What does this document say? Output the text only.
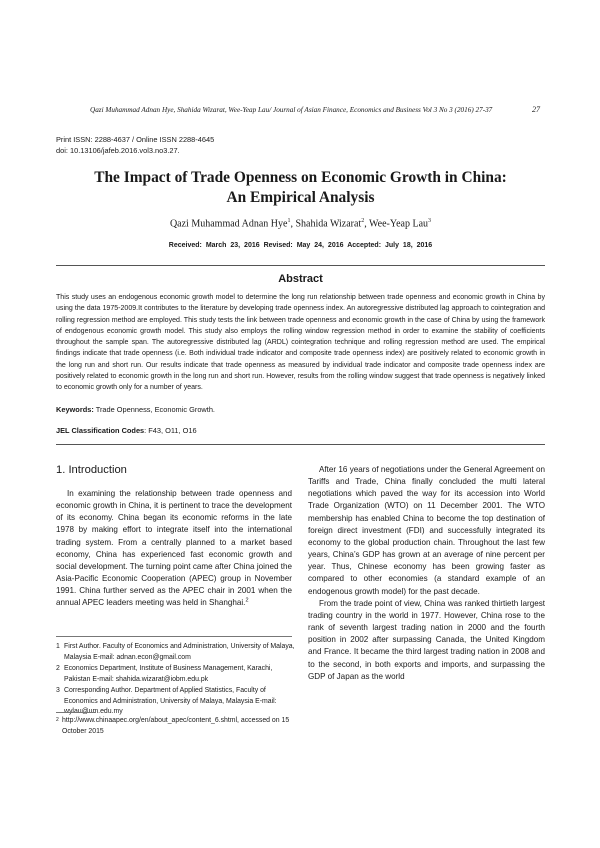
Qazi Muhammad Adnan Hye, Shahida Wizarat, Wee-Yeap Lau/ Journal of Asian Finance, Economics and Business Vol 3 No 3 (2016) 27-37	27
Print ISSN: 2288-4637 / Online ISSN 2288-4645
doi: 10.13106/jafeb.2016.vol3.no3.27.
The Impact of Trade Openness on Economic Growth in China:
An Empirical Analysis
Qazi Muhammad Adnan Hye$^1$, Shahida Wizarat$^2$, Wee-Yeap Lau$^3$
Received: March 23, 2016 Revised: May 24, 2016 Accepted: July 18, 2016
Abstract

This study uses an endogenous economic growth model to determine the long run relationship between trade openness and economic growth in China by using the data 1975-2009.It contributes to the literature by developing trade openness index. An autoregressive distributed lag approach to cointegration and rolling regression method are employed. This study tests the link between trade openness and economic growth in the case of China by using the framework of endogenous economic growth model. This study also employs the rolling window regression method in order to examine the stability of coefficients throughout the sample span. The autoregressive distributed lag (ARDL) cointegration technique and rolling regression method are used. The empirical findings indicate that trade openness (i.e. Both individual trade indicator and composite trade openness index) are positively related to economic growth in the long run and short run. Our results indicate that trade openness as measured by individual trade indicator and composite trade openness index are positively related to economic growth in the long run and short run. However, results from the rolling window suggest that trade openness is negatively linked to economic growth only for a number of years.

Keywords: Trade Openness, Economic Growth.
JEL Classification Codes: F43, O11, O16
1. Introduction

In examining the relationship between trade openness and economic growth in China, it is pertinent to trace the development of its economy. China began its economic reforms in the late 1978 by making effort to integrate itself into the international trading system. From a centrally planned to a market based economy, China has experienced fast economic growth and social development. The turning point came after China joined the Asia-Pacific Economic Cooperation (APEC) group in November 1991. China further served as the APEC chair in 2001 when the annual APEC leaders meeting was held in Shanghai.$^2$

After 16 years of negotiations under the General Agreement on Tariffs and Trade, China finally concluded the multi lateral negotiations which paved the way for its accession into World Trade Organization (WTO) on 11 December 2001. The WTO membership has enabled China to become the top destination of foreign direct investment (FDI) and successfully integrated its economy to the global production chain. Throughout the last few years, China’s GDP has grown at an average of nine percent per year. Thus, Chinese economy has been growing faster as compared to other economies (a standard example of an endogenous growth model) for the past decade.

From the trade point of view, China was ranked thirtieth largest trading country in the world in 1977. However, China rose to the rank of seventh largest trading nation in 2000 and the fourth position in 2002 after surpassing Canada, the United Kingdom and France. It became the third largest trading nation in 2008 and to the second, in both exports and imports, and surpassing the GDP of Japan as the world

1 First Author. Faculty of Economics and Administration, University of Malaya, Malaysia E-mail: adnan.econ@gmail.com
2 Economics Department, Institute of Business Management, Karachi, Pakistan E-mail: shahida.wizarat@iobm.edu.pk
3 Corresponding Author. Department of Applied Statistics, Faculty of Economics and Administration, University of Malaya, Malaysia E-mail: wylau@um.edu.my
2 http://www.chinaapec.org/en/about_apec/content_6.shtml, accessed on 15 October 2015
